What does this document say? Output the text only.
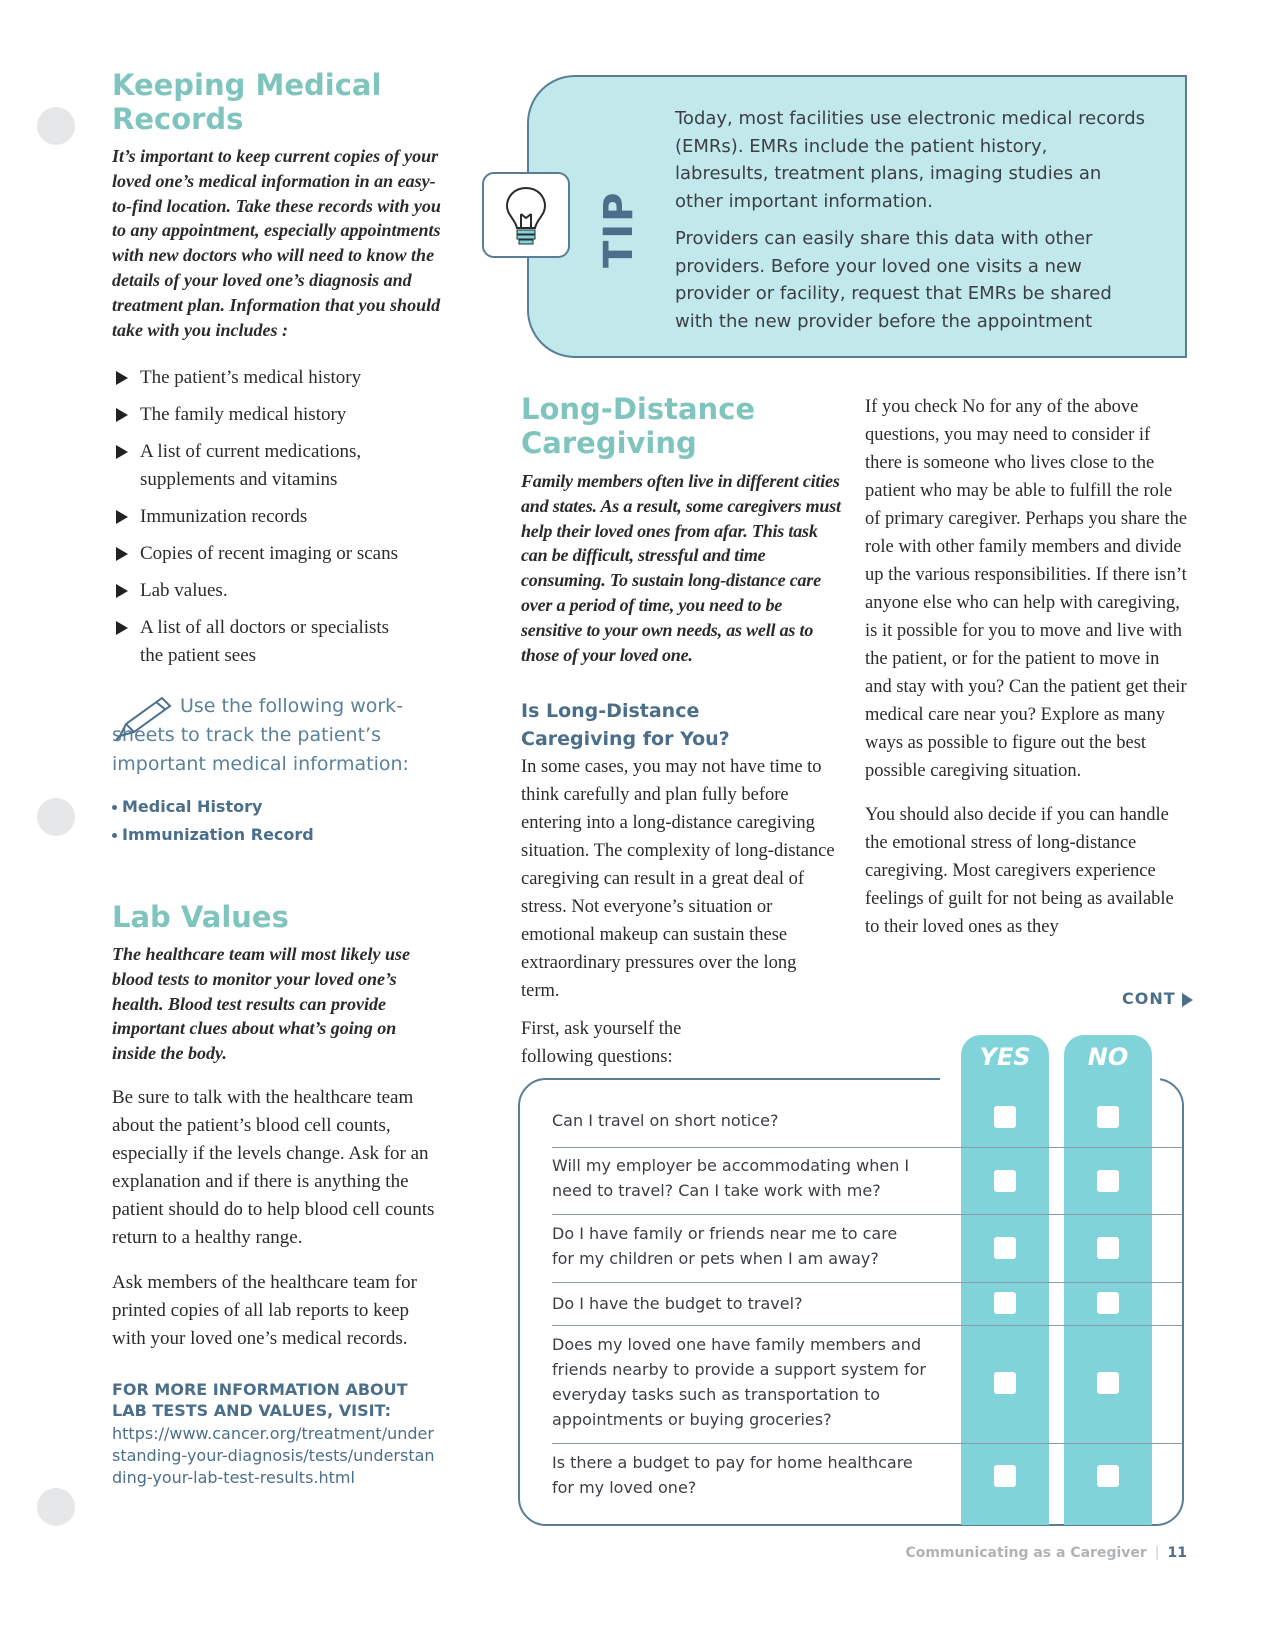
Keeping Medical
Records

It’s important to keep current copies of your loved one’s medical information in an easy-to-find location. Take these records with you to any appointment, especially appointments with new doctors who will need to know the details of your loved one’s diagnosis and treatment plan. Information that you should take with you includes :

The patient’s medical history
The family medical history
A list of current medications, supplements and vitamins
Immunization records
Copies of recent imaging or scans
Lab values.
A list of all doctors or specialists the patient sees
Use the following work-sheets to track the patient’s important medical information:
Medical History
Immunization Record
Lab Values

The healthcare team will most likely use blood tests to monitor your loved one’s health. Blood test results can provide important clues about what’s going on inside the body.

Be sure to talk with the healthcare team about the patient’s blood cell counts, especially if the levels change. Ask for an explanation and if there is anything the patient should do to help blood cell counts return to a healthy range.

Ask members of the healthcare team for printed copies of all lab reports to keep with your loved one’s medical records.

FOR MORE INFORMATION ABOUT LAB TESTS AND VALUES, VISIT:

https://www.cancer.org/treatment/understanding-your-diagnosis/tests/understanding-your-lab-test-results.html

Today, most facilities use electronic medical records (EMRs). EMRs include the patient history, labresults, treatment plans, imaging studies an other important information.

Providers can easily share this data with other providers. Before your loved one visits a new provider or facility, request that EMRs be shared with the new provider before the appointment

TIP
Long-Distance
Caregiving

Family members often live in different cities and states. As a result, some caregivers must help their loved ones from afar. This task can be difficult, stressful and time consuming. To sustain long-distance care over a period of time, you need to be sensitive to your own needs, as well as to those of your loved one.

Is Long-Distance Caregiving for You?

In some cases, you may not have time to think carefully and plan fully before entering into a long-distance caregiving situation. The complexity of long-distance caregiving can result in a great deal of stress. Not everyone’s situation or emotional makeup can sustain these extraordinary pressures over the long term.

First, ask yourself the following questions:

If you check No for any of the above questions, you may need to consider if there is someone who lives close to the patient who may be able to fulfill the role of primary caregiver. Perhaps you share the role with other family members and divide up the various responsibilities. If there isn’t anyone else who can help with caregiving, is it possible for you to move and live with the patient, or for the patient to move in and stay with you? Can the patient get their medical care near you? Explore as many ways as possible to figure out the best possible caregiving situation.

You should also decide if you can handle the emotional stress of long-distance caregiving. Most caregivers experience feelings of guilt for not being as available to their loved ones as they

CONT
YES	NO
Can I travel on short notice?
Will my employer be accommodating when I need to travel? Can I take work with me?
Do I have family or friends near me to care for my children or pets when I am away?
Do I have the budget to travel?
Does my loved one have family members and friends nearby to provide a support system for everyday tasks such as transportation to appointments or buying groceries?
Is there a budget to pay for home healthcare for my loved one?
Communicating as a Caregiver | 11
